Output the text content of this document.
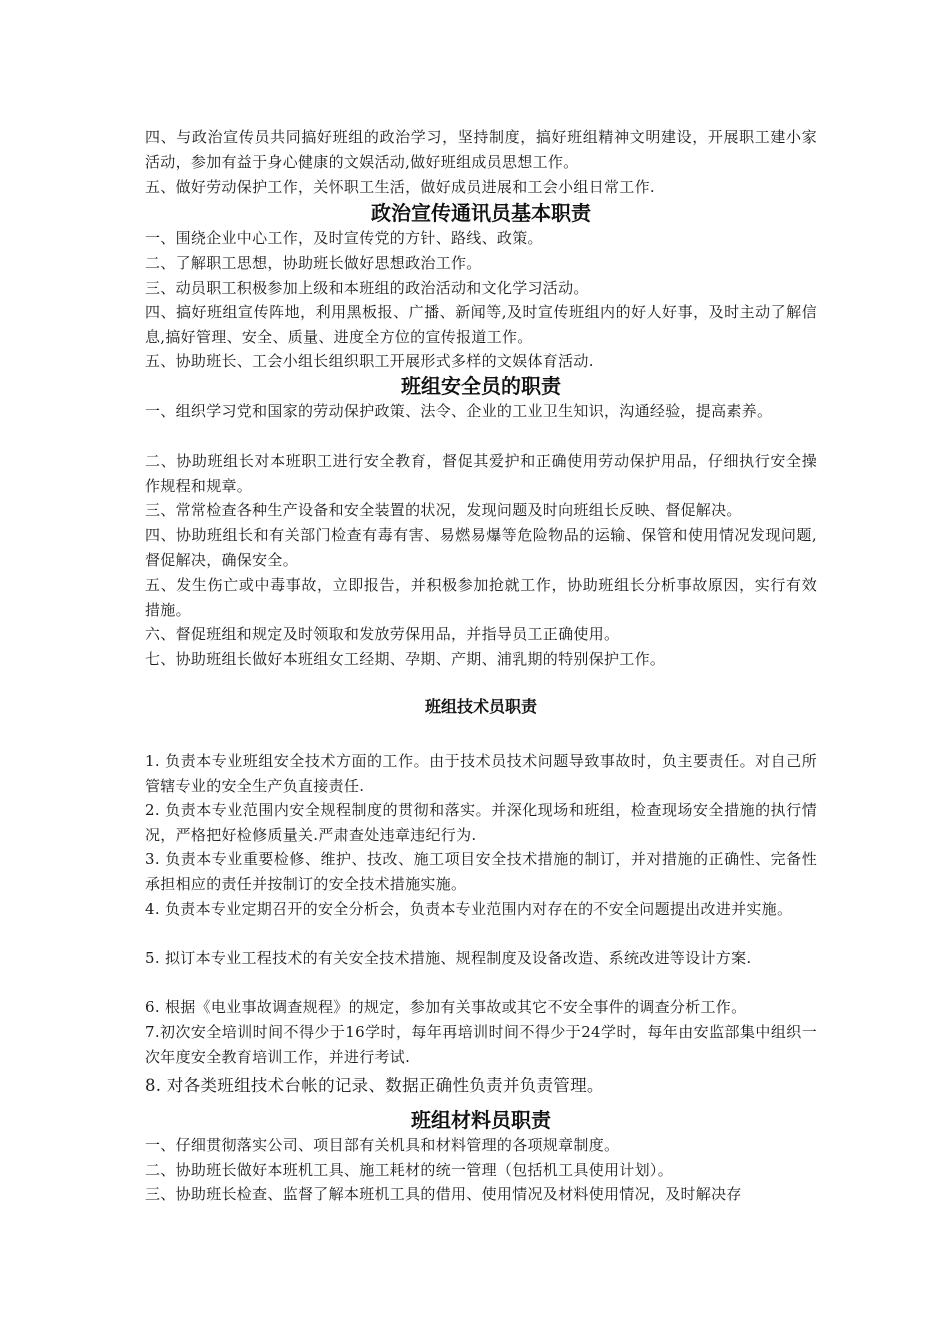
四、与政治宣传员共同搞好班组的政治学习，坚持制度，搞好班组精神文明建设，开展职工建小家活动，参加有益于身心健康的文娱活动,做好班组成员思想工作。

五、做好劳动保护工作，关怀职工生活，做好成员进展和工会小组日常工作.

政治宣传通讯员基本职责

一、围绕企业中心工作，及时宣传党的方针、路线、政策。

二、了解职工思想，协助班长做好思想政治工作。

三、动员职工积极参加上级和本班组的政治活动和文化学习活动。

四、搞好班组宣传阵地，利用黑板报、广播、新闻等,及时宣传班组内的好人好事，及时主动了解信息,搞好管理、安全、质量、进度全方位的宣传报道工作。

五、协助班长、工会小组长组织职工开展形式多样的文娱体育活动.

班组安全员的职责

一、组织学习党和国家的劳动保护政策、法令、企业的工业卫生知识，沟通经验，提高素养。

二、协助班组长对本班职工进行安全教育，督促其爱护和正确使用劳动保护用品，仔细执行安全操作规程和规章。

三、常常检查各种生产设备和安全装置的状况，发现问题及时向班组长反映、督促解决。

四、协助班组长和有关部门检查有毒有害、易燃易爆等危险物品的运输、保管和使用情况发现问题,督促解决，确保安全。

五、发生伤亡或中毒事故，立即报告，并积极参加抢就工作，协助班组长分析事故原因，实行有效措施。

六、督促班组和规定及时领取和发放劳保用品，并指导员工正确使用。

七、协助班组长做好本班组女工经期、孕期、产期、浦乳期的特别保护工作。

班组技术员职责

1. 负责本专业班组安全技术方面的工作。由于技术员技术问题导致事故时，负主要责任。对自己所管辖专业的安全生产负直接责任.

2. 负责本专业范围内安全规程制度的贯彻和落实。并深化现场和班组，检查现场安全措施的执行情况，严格把好检修质量关.严肃查处违章违纪行为.

3. 负责本专业重要检修、维护、技改、施工项目安全技术措施的制订，并对措施的正确性、完备性承担相应的责任并按制订的安全技术措施实施。

4. 负责本专业定期召开的安全分析会，负责本专业范围内对存在的不安全问题提出改进并实施。

5. 拟订本专业工程技术的有关安全技术措施、规程制度及设备改造、系统改进等设计方案.

6. 根据《电业事故调查规程》的规定，参加有关事故或其它不安全事件的调查分析工作。

7.初次安全培训时间不得少于16学时，每年再培训时间不得少于24学时，每年由安监部集中组织一次年度安全教育培训工作，并进行考试.

8. 对各类班组技术台帐的记录、数据正确性负责并负责管理。

班组材料员职责

一、仔细贯彻落实公司、项目部有关机具和材料管理的各项规章制度。

二、协助班长做好本班机工具、施工耗材的统一管理（包括机工具使用计划）。

三、协助班长检查、监督了解本班机工具的借用、使用情况及材料使用情况，及时解决存
